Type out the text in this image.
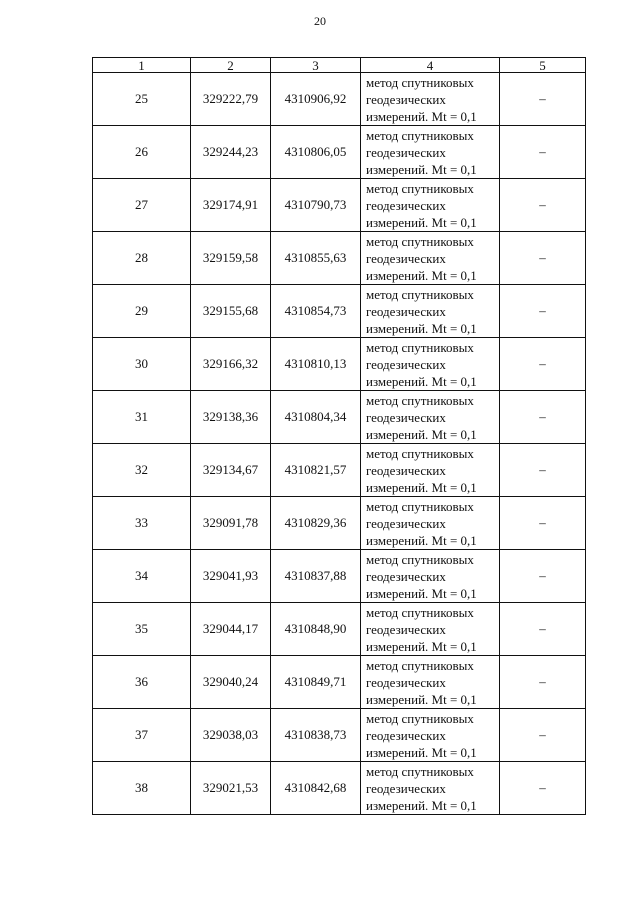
20
1	2	3	4	5
25	329222,79	4310906,92	метод спутниковых
геодезических
измерений. Mt = 0,1	–
26	329244,23	4310806,05	метод спутниковых
геодезических
измерений. Mt = 0,1	–
27	329174,91	4310790,73	метод спутниковых
геодезических
измерений. Mt = 0,1	–
28	329159,58	4310855,63	метод спутниковых
геодезических
измерений. Mt = 0,1	–
29	329155,68	4310854,73	метод спутниковых
геодезических
измерений. Mt = 0,1	–
30	329166,32	4310810,13	метод спутниковых
геодезических
измерений. Mt = 0,1	–
31	329138,36	4310804,34	метод спутниковых
геодезических
измерений. Mt = 0,1	–
32	329134,67	4310821,57	метод спутниковых
геодезических
измерений. Mt = 0,1	–
33	329091,78	4310829,36	метод спутниковых
геодезических
измерений. Mt = 0,1	–
34	329041,93	4310837,88	метод спутниковых
геодезических
измерений. Mt = 0,1	–
35	329044,17	4310848,90	метод спутниковых
геодезических
измерений. Mt = 0,1	–
36	329040,24	4310849,71	метод спутниковых
геодезических
измерений. Mt = 0,1	–
37	329038,03	4310838,73	метод спутниковых
геодезических
измерений. Mt = 0,1	–
38	329021,53	4310842,68	метод спутниковых
геодезических
измерений. Mt = 0,1	–
